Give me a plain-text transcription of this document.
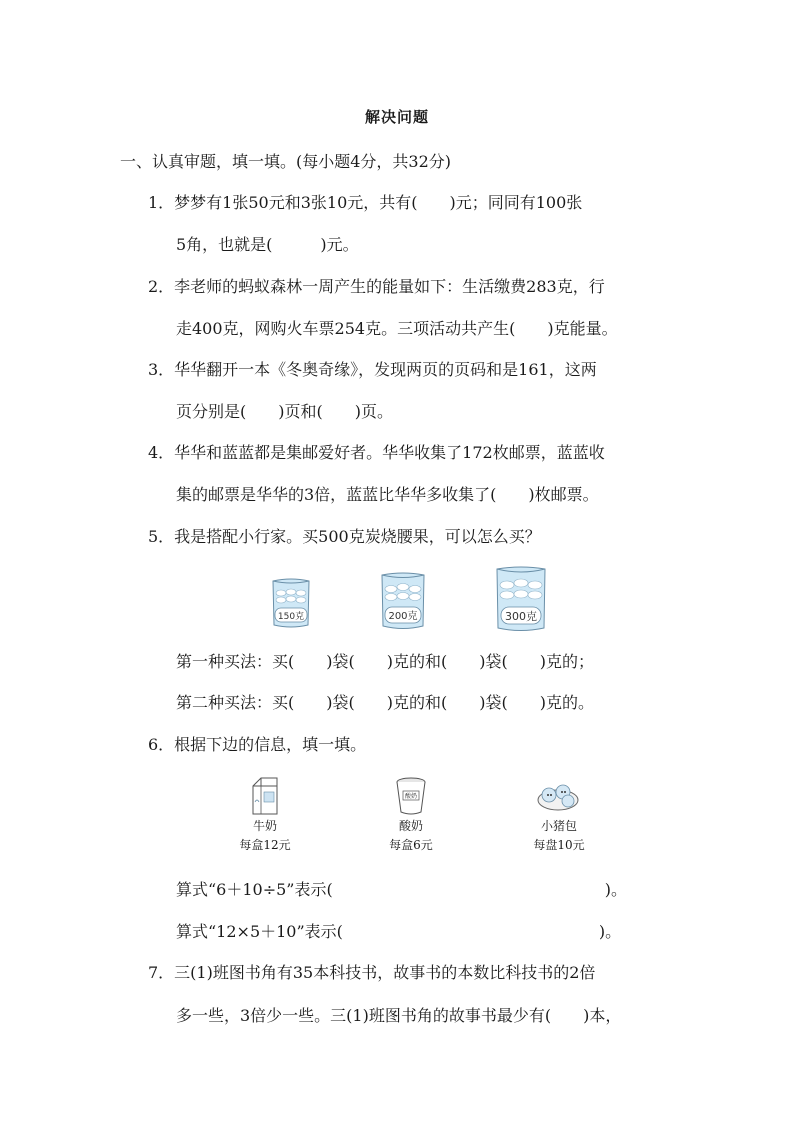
解决问题
一、认真审题，填一填。(每小题4分，共32分)
1．梦梦有1张50元和3张10元，共有(　　)元；同同有100张
5角，也就是(　　　)元。
2．李老师的蚂蚁森林一周产生的能量如下：生活缴费283克，行
走400克，网购火车票254克。三项活动共产生(　　)克能量。
3．华华翻开一本《冬奥奇缘》，发现两页的页码和是161，这两
页分别是(　　)页和(　　)页。
4．华华和蓝蓝都是集邮爱好者。华华收集了172枚邮票，蓝蓝收
集的邮票是华华的3倍，蓝蓝比华华多收集了(　　)枚邮票。
5．我是搭配小行家。买500克炭烧腰果，可以怎么买？
150克	200克	300克
第一种买法：买(　　)袋(　　)克的和(　　)袋(　　)克的；
第二种买法：买(　　)袋(　　)克的和(　　)袋(　　)克的。
6．根据下边的信息，填一填。
酸奶
牛奶
每盒12元
酸奶
每盒6元
小猪包
每盘10元
算式“6＋10÷5”表示(　　　　　　　　　　　　　　　　　)。
算式“12×5＋10”表示(　　　　　　　　　　　　　　　　)。
7．三(1)班图书角有35本科技书，故事书的本数比科技书的2倍
多一些，3倍少一些。三(1)班图书角的故事书最少有(　　)本，
